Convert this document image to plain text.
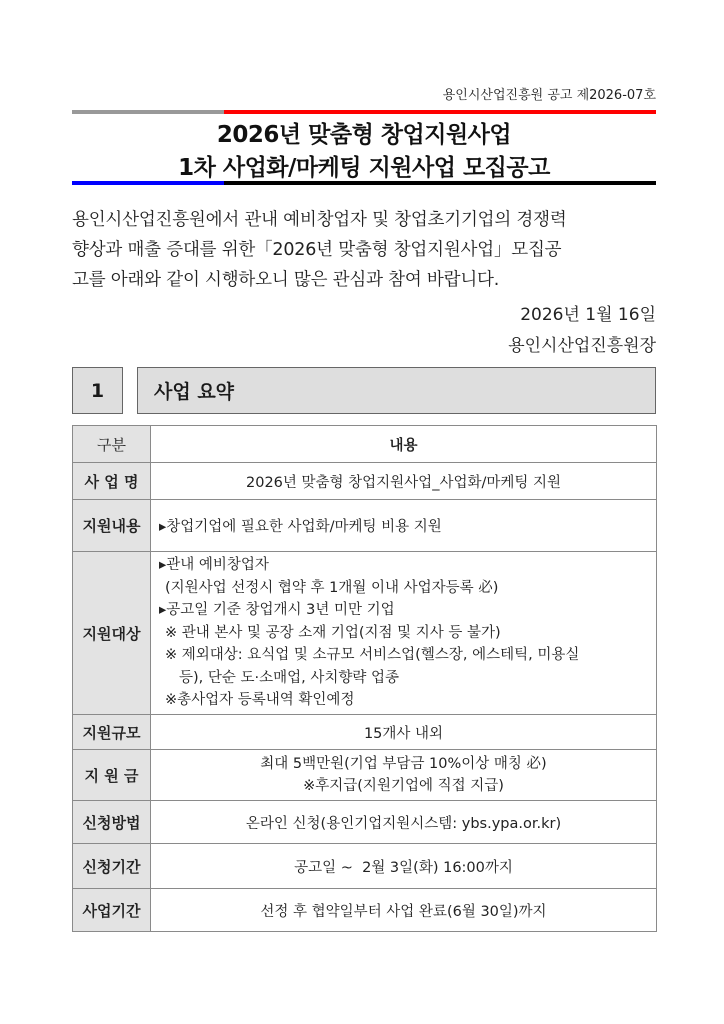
용인시산업진흥원 공고 제2026-07호
2026년 맞춤형 창업지원사업
1차 사업화/마케팅 지원사업 모집공고

용인시산업진흥원에서 관내 예비창업자 및 창업초기기업의 경쟁력

향상과 매출 증대를 위한「2026년 맞춤형 창업지원사업」모집공

고를 아래와 같이 시행하오니 많은 관심과 참여 바랍니다.

2026년 1월 16일
용인시산업진흥원장
1	사업 요약
구분	내용
사 업 명	2026년 맞춤형 창업지원사업_사업화/마케팅 지원
지원내용	▸창업기업에 필요한 사업화/마케팅 비용 지원
지원대상	
▸관내 예비창업자
(지원사업 선정시 협약 후 1개월 이내 사업자등록 必)
▸공고일 기준 창업개시 3년 미만 기업
※ 관내 본사 및 공장 소재 기업(지점 및 지사 등 불가)
※ 제외대상: 요식업 및 소규모 서비스업(헬스장, 에스테틱, 미용실
등), 단순 도·소매업, 사치향략 업종
※총사업자 등록내역 확인예정

지원규모	15개사 내외
지 원 금	최대 5백만원(기업 부담금 10%이상 매칭 必)
※후지급(지원기업에 직접 지급)

신청방법	온라인 신청(용인기업지원시스템: ybs.ypa.or.kr)
신청기간	공고일 ~  2월 3일(화) 16:00까지
사업기간	선정 후 협약일부터 사업 완료(6월 30일)까지
